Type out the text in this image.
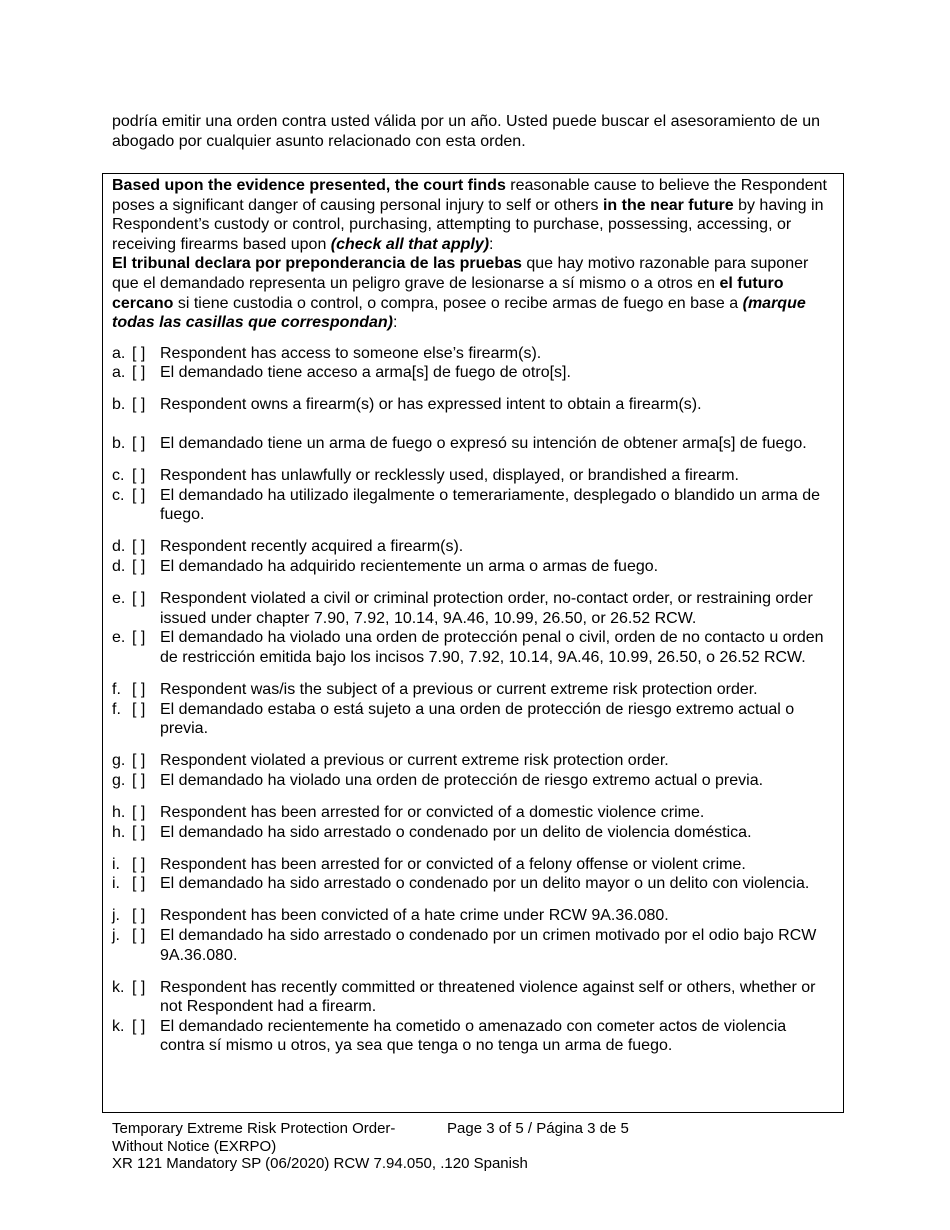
podría emitir una orden contra usted válida por un año. Usted puede buscar el asesoramiento de un abogado por cualquier asunto relacionado con esta orden.

Based upon the evidence presented, the court finds reasonable cause to believe the Respondent poses a significant danger of causing personal injury to self or others in the near future by having in Respondent’s custody or control, purchasing, attempting to purchase, possessing, accessing, or receiving firearms based upon (check all that apply):

El tribunal declara por preponderancia de las pruebas que hay motivo razonable para suponer que el demandado representa un peligro grave de lesionarse a sí mismo o a otros en el futuro cercano si tiene custodia o control, o compra, posee o recibe armas de fuego en base a (marque todas las casillas que correspondan):

a. [ ] Respondent has access to someone else’s firearm(s).
a. [ ] El demandado tiene acceso a arma[s] de fuego de otro[s].
b. [ ] Respondent owns a firearm(s) or has expressed intent to obtain a firearm(s).
b. [ ] El demandado tiene un arma de fuego o expresó su intención de obtener arma[s] de fuego.
c. [ ] Respondent has unlawfully or recklessly used, displayed, or brandished a firearm.
c. [ ] El demandado ha utilizado ilegalmente o temerariamente, desplegado o blandido un arma de fuego.
d. [ ] Respondent recently acquired a firearm(s).
d. [ ] El demandado ha adquirido recientemente un arma o armas de fuego.
e. [ ] Respondent violated a civil or criminal protection order, no-contact order, or restraining order issued under chapter 7.90, 7.92, 10.14, 9A.46, 10.99, 26.50, or 26.52 RCW.
e. [ ] El demandado ha violado una orden de protección penal o civil, orden de no contacto u orden de restricción emitida bajo los incisos 7.90, 7.92, 10.14, 9A.46, 10.99, 26.50, o 26.52 RCW.
f. [ ] Respondent was/is the subject of a previous or current extreme risk protection order.
f. [ ] El demandado estaba o está sujeto a una orden de protección de riesgo extremo actual o previa.
g. [ ] Respondent violated a previous or current extreme risk protection order.
g. [ ] El demandado ha violado una orden de protección de riesgo extremo actual o previa.
h. [ ] Respondent has been arrested for or convicted of a domestic violence crime.
h. [ ] El demandado ha sido arrestado o condenado por un delito de violencia doméstica.
i. [ ] Respondent has been arrested for or convicted of a felony offense or violent crime.
i. [ ] El demandado ha sido arrestado o condenado por un delito mayor o un delito con violencia.
j. [ ] Respondent has been convicted of a hate crime under RCW 9A.36.080.
j. [ ] El demandado ha sido arrestado o condenado por un crimen motivado por el odio bajo RCW 9A.36.080.
k. [ ] Respondent has recently committed or threatened violence against self or others, whether or not Respondent had a firearm.
k. [ ] El demandado recientemente ha cometido o amenazado con cometer actos de violencia contra sí mismo u otros, ya sea que tenga o no tenga un arma de fuego.
Temporary Extreme Risk Protection Order-	Page 3 of 5 / Página 3 de 5
Without Notice (EXRPO)
XR 121 Mandatory SP (06/2020) RCW 7.94.050, .120 Spanish
